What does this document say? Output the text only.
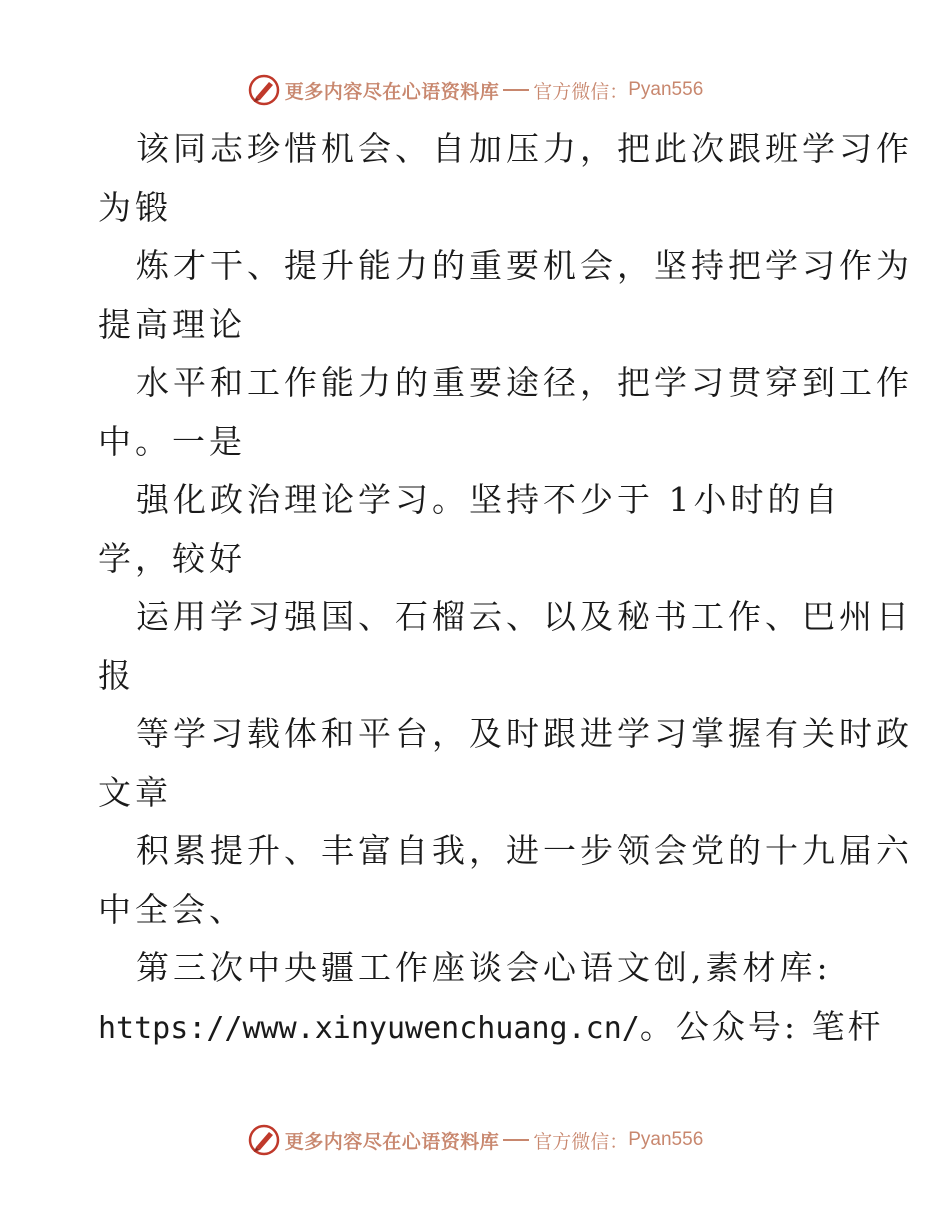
更多内容尽在心语资料库 官方微信： Pyan556
该同志珍惜机会、自加压力，把此次跟班学习作
为锻
炼才干、提升能力的重要机会，坚持把学习作为
提高理论
水平和工作能力的重要途径，把学习贯穿到工作
中。一是
强化政治理论学习。坚持不少于 1小时的自
学，较好
运用学习强国、石榴云、以及秘书工作、巴州日
报
等学习载体和平台，及时跟进学习掌握有关时政
文章
积累提升、丰富自我，进一步领会党的十九届六
中全会、
第三次中央疆工作座谈会心语文创,素材库:
https://www.xinyuwenchuang.cn/。公众号: 笔杆
更多内容尽在心语资料库 官方微信： Pyan556
